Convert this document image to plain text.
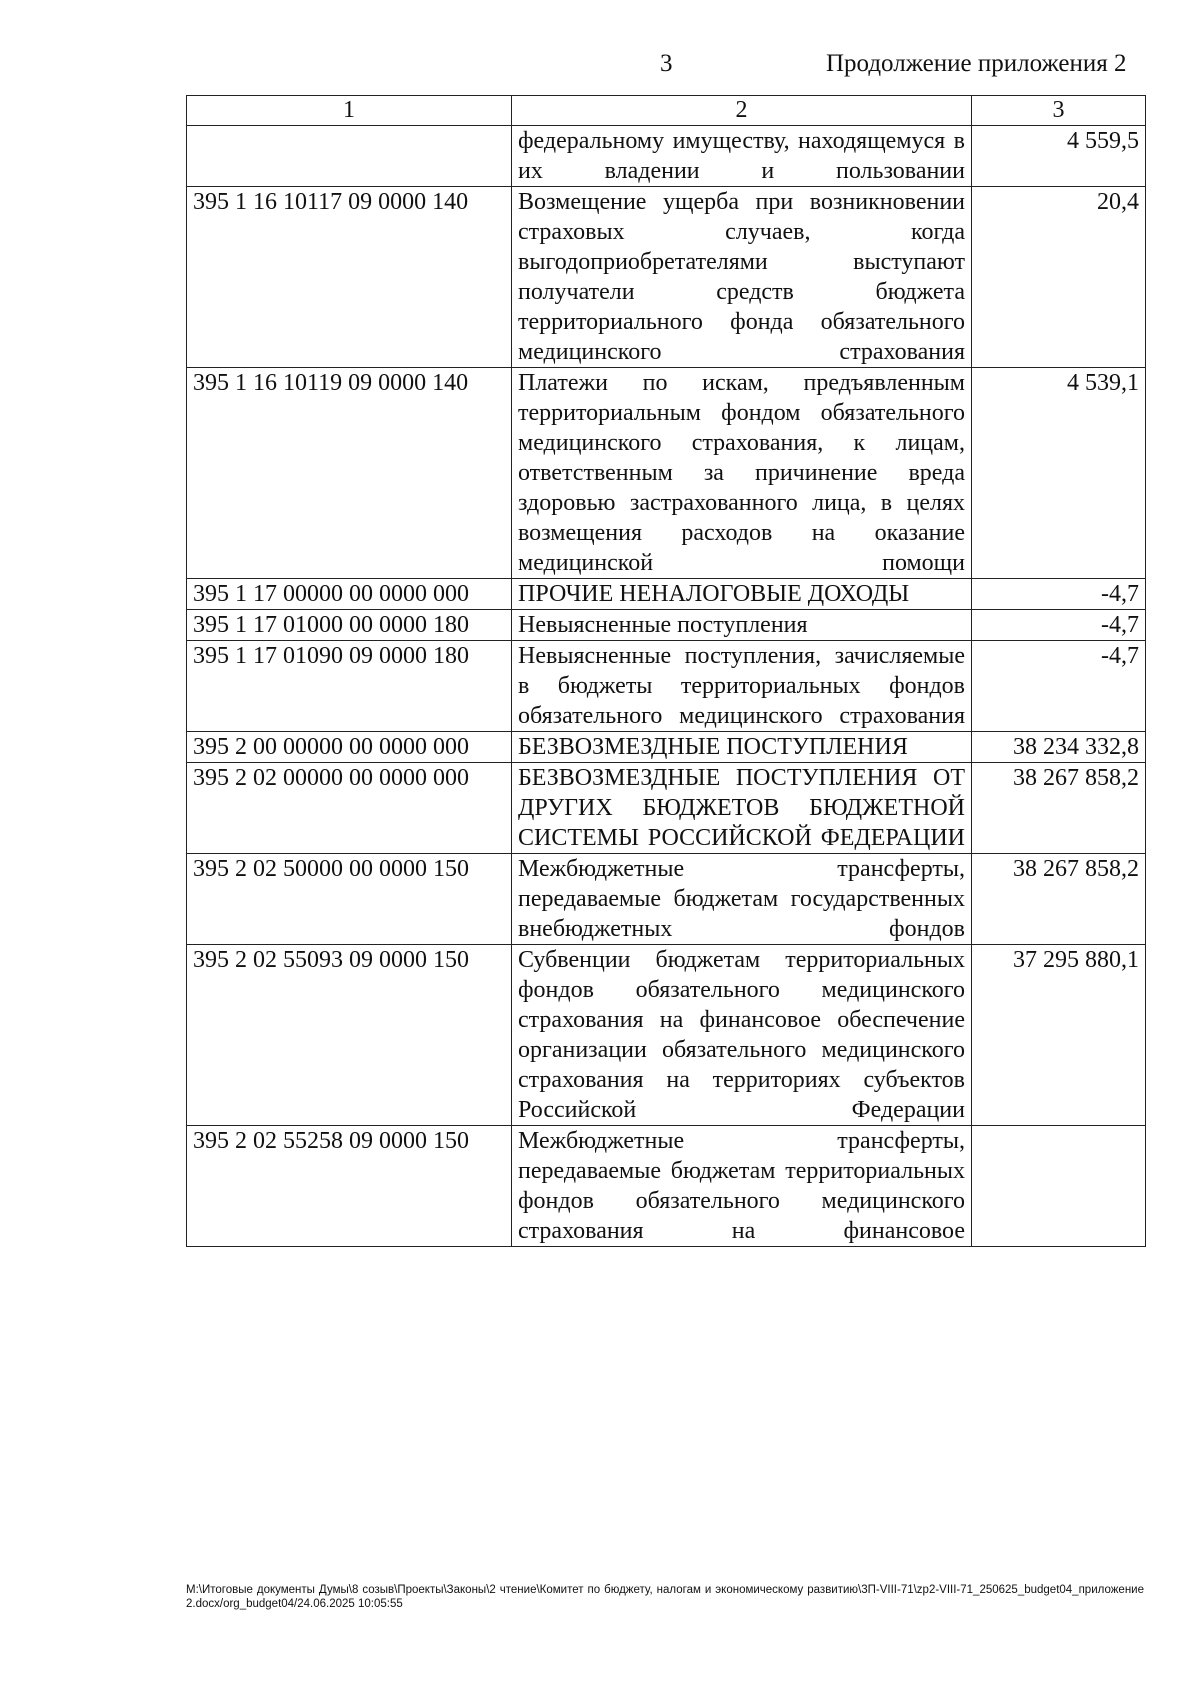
3	Продолжение приложения 2
1	2	3
	федеральному имуществу, находящемуся в их владении и пользовании	4 559,5
395 1 16 10117 09 0000 140	Возмещение ущерба при возникновении страховых случаев, когда выгодоприобретателями выступают получатели средств бюджета территориального фонда обязательного медицинского страхования	20,4
395 1 16 10119 09 0000 140	Платежи по искам, предъявленным территориальным фондом обязательного медицинского страхования, к лицам, ответственным за причинение вреда здоровью застрахованного лица, в целях возмещения расходов на оказание медицинской помощи	4 539,1
395 1 17 00000 00 0000 000	ПРОЧИЕ НЕНАЛОГОВЫЕ ДОХОДЫ	-4,7
395 1 17 01000 00 0000 180	Невыясненные поступления	-4,7
395 1 17 01090 09 0000 180	Невыясненные поступления, зачисляемые в бюджеты территориальных фондов обязательного медицинского страхования	-4,7
395 2 00 00000 00 0000 000	БЕЗВОЗМЕЗДНЫЕ ПОСТУПЛЕНИЯ	38 234 332,8
395 2 02 00000 00 0000 000	БЕЗВОЗМЕЗДНЫЕ ПОСТУПЛЕНИЯ ОТ ДРУГИХ БЮДЖЕТОВ БЮДЖЕТНОЙ СИСТЕМЫ РОССИЙСКОЙ ФЕДЕРАЦИИ	38 267 858,2
395 2 02 50000 00 0000 150	Межбюджетные трансферты, передаваемые бюджетам государственных внебюджетных фондов	38 267 858,2
395 2 02 55093 09 0000 150	Субвенции бюджетам территориальных фондов обязательного медицинского страхования на финансовое обеспечение организации обязательного медицинского страхования на территориях субъектов Российской Федерации	37 295 880,1
395 2 02 55258 09 0000 150	Межбюджетные трансферты, передаваемые бюджетам территориальных фондов обязательного медицинского страхования на финансовое	
M:\Итоговые документы Думы\8 созыв\Проекты\Законы\2 чтение\Комитет по бюджету, налогам и экономическому развитию\3П-VIII-71\zp2-VIII-71_250625_budget04_приложение 2.docx/org_budget04/24.06.2025 10:05:55
